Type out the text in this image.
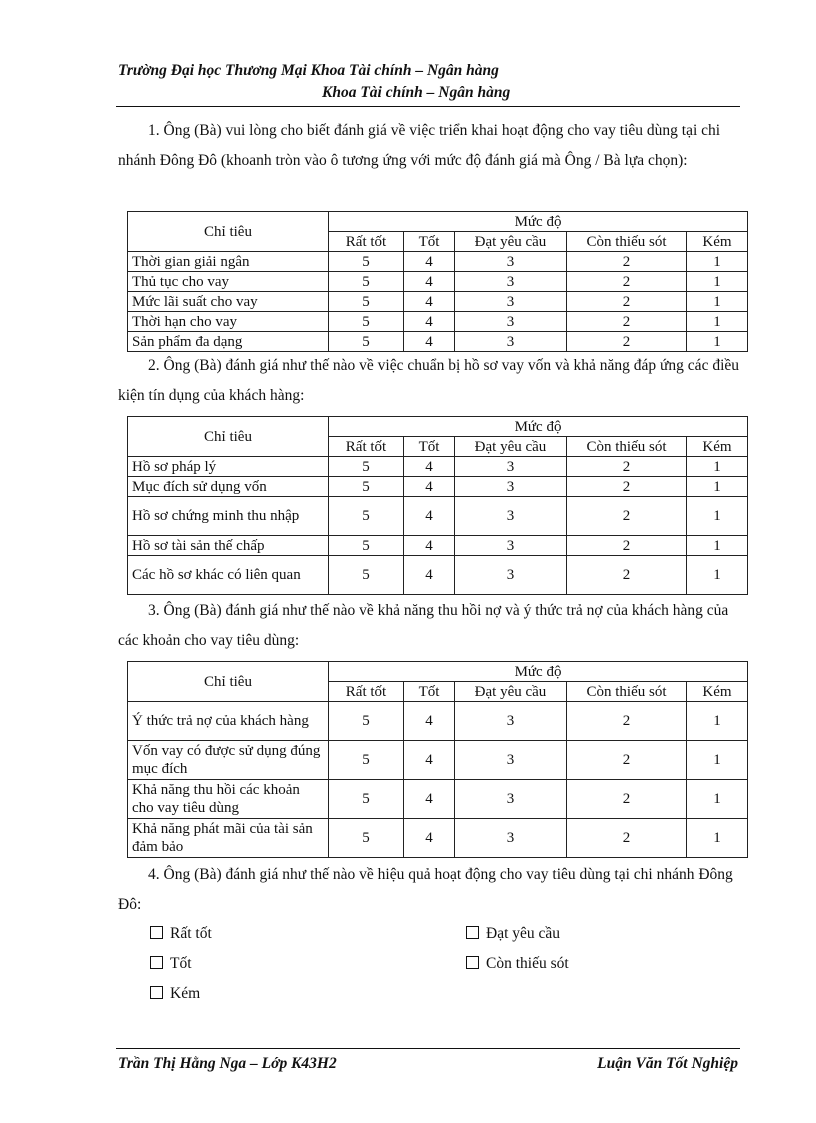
Trường Đại học Thương Mại Khoa Tài chính – Ngân hàng
Khoa Tài chính – Ngân hàng
1. Ông (Bà) vui lòng cho biết đánh giá về việc triển khai hoạt động cho vay tiêu dùng tại chi nhánh Đông Đô (khoanh tròn vào ô tương ứng với mức độ đánh giá mà Ông / Bà lựa chọn):
Chỉ tiêu	Mức độ				
	Rất tốt	Tốt	Đạt yêu cầu	Còn thiếu sót	Kém
Thời gian giải ngân	5	4	3	2	1
Thủ tục cho vay	5	4	3	2	1
Mức lãi suất cho vay	5	4	3	2	1
Thời hạn cho vay	5	4	3	2	1
Sản phẩm đa dạng	5	4	3	2	1
2. Ông (Bà) đánh giá như thế nào về việc chuẩn bị hồ sơ vay vốn và khả năng đáp ứng các điều kiện tín dụng của khách hàng:
Chỉ tiêu	Mức độ				
	Rất tốt	Tốt	Đạt yêu cầu	Còn thiếu sót	Kém
Hồ sơ pháp lý	5	4	3	2	1
Mục đích sử dụng vốn	5	4	3	2	1
Hồ sơ chứng minh thu nhập	5	4	3	2	1
Hồ sơ tài sản thế chấp	5	4	3	2	1
Các hồ sơ khác có liên quan	5	4	3	2	1
3. Ông (Bà) đánh giá như thế nào về khả năng thu hồi nợ và ý thức trả nợ của khách hàng của các khoản cho vay tiêu dùng:
Chỉ tiêu	Mức độ				
	Rất tốt	Tốt	Đạt yêu cầu	Còn thiếu sót	Kém
Ý thức trả nợ của khách hàng	5	4	3	2	1
Vốn vay có được sử dụng đúng mục đích	5	4	3	2	1
Khả năng thu hồi các khoản cho vay tiêu dùng	5	4	3	2	1
Khả năng phát mãi của tài sản đảm bảo	5	4	3	2	1
4. Ông (Bà) đánh giá như thế nào về hiệu quả hoạt động cho vay tiêu dùng tại chi nhánh Đông Đô:
Rất tốt	Đạt yêu cầu
Tốt	Còn thiếu sót
Kém
Trần Thị Hằng Nga – Lớp K43H2	Luận Văn Tốt Nghiệp
